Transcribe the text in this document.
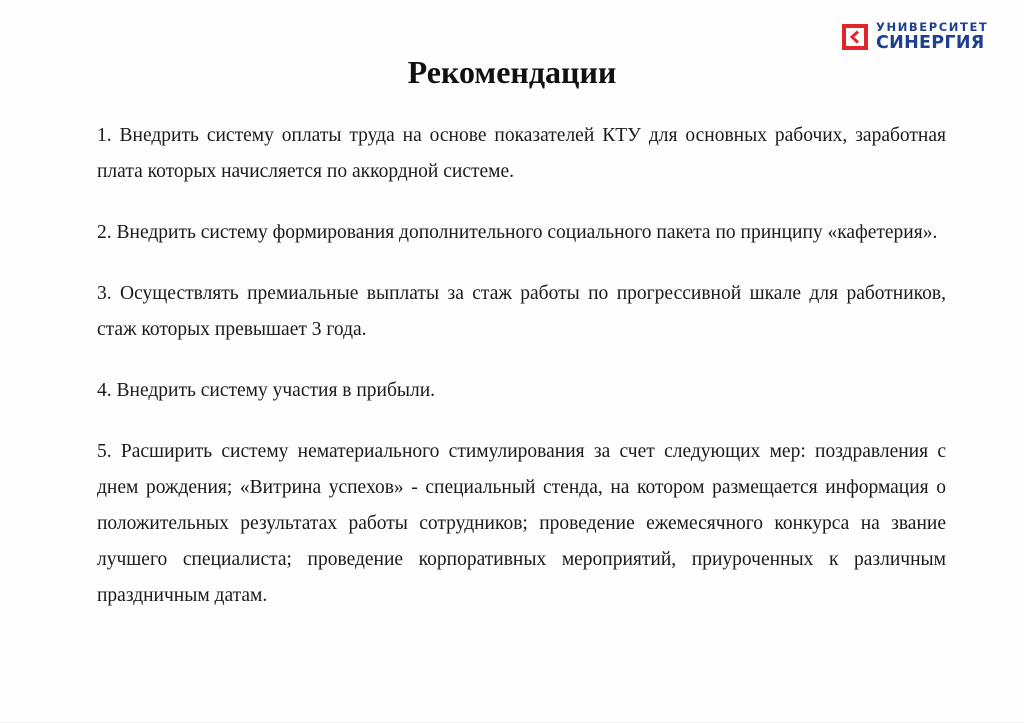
УНИВЕРСИТЕТ
СИНЕРГИЯ
Рекомендации

1. Внедрить систему оплаты труда на основе показателей КТУ для основных рабочих, заработная плата которых начисляется по аккордной системе.

2. Внедрить систему формирования дополнительного социального пакета по принципу «кафетерия».

3. Осуществлять премиальные выплаты за стаж работы по прогрессивной шкале для работников, стаж которых превышает 3 года.

4. Внедрить систему участия в прибыли.

5. Расширить систему нематериального стимулирования за счет следующих мер: поздравления с днем рождения; «Витрина успехов» - специальный стенда, на котором размещается информация о положительных результатах работы сотрудников; проведение ежемесячного конкурса на звание лучшего специалиста; проведение корпоративных мероприятий, приуроченных к различным праздничным датам.
